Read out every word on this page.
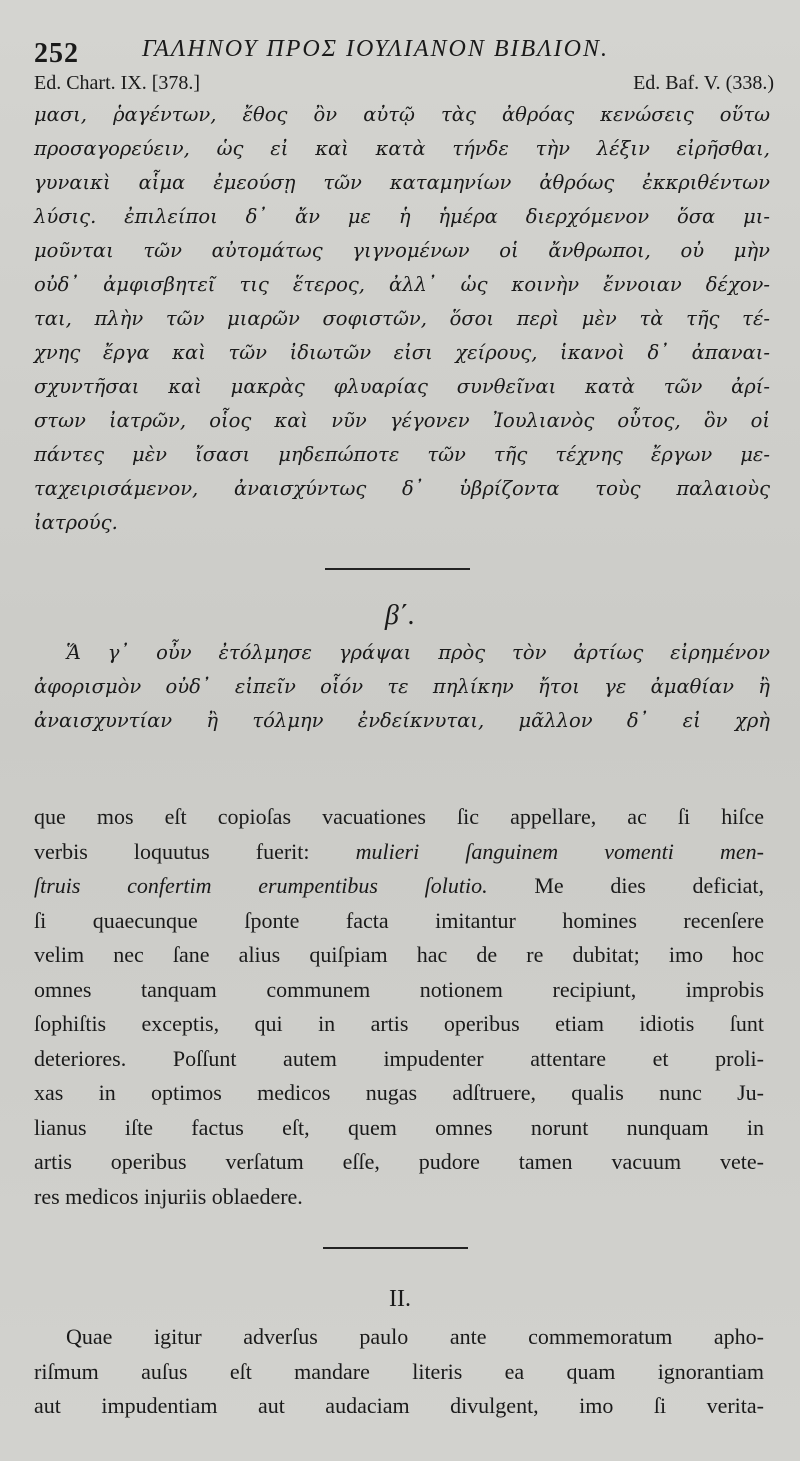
252	ΓΑΛΗΝΟΥ ΠΡΟΣ ΙΟΥΛΙΑΝΟΝ ΒΙΒΛΙΟΝ.
Ed. Chart. IX. [378.]	Ed. Baf. V. (338.)
μασι, ῥαγέντων, ἔθος ὂν αὐτῷ τὰς ἀθρόας κενώσεις οὕτω
προσαγορεύειν, ὡς εἰ καὶ κατὰ τήνδε τὴν λέξιν εἰρῆσθαι,
γυναικὶ αἷμα ἐμεούσῃ τῶν καταμηνίων ἀθρόως ἐκκριθέντων
λύσις. ἐπιλείποι δ᾽ ἄν με ἡ ἡμέρα διερχόμενον ὅσα μι-
μοῦνται τῶν αὐτομάτως γιγνομένων οἱ ἄνθρωποι, οὐ μὴν
οὐδ᾽ ἀμφισβητεῖ τις ἕτερος, ἀλλ᾽ ὡς κοινὴν ἔννοιαν δέχον-
ται, πλὴν τῶν μιαρῶν σοφιστῶν, ὅσοι περὶ μὲν τὰ τῆς τέ-
χνης ἔργα καὶ τῶν ἰδιωτῶν εἰσι χείρους, ἱκανοὶ δ᾽ ἀπαναι-
σχυντῆσαι καὶ μακρὰς φλυαρίας συνθεῖναι κατὰ τῶν ἀρί-
στων ἰατρῶν, οἷος καὶ νῦν γέγονεν Ἰουλιανὸς οὗτος, ὃν οἱ
πάντες μὲν ἴσασι μηδεπώποτε τῶν τῆς τέχνης ἔργων με-
ταχειρισάμενον, ἀναισχύντως δ᾽ ὑβρίζοντα τοὺς παλαιοὺς
ἰατρούς.
β΄.
Ἅ γ᾽ οὖν ἐτόλμησε γράψαι πρὸς τὸν ἀρτίως εἰρημένον
ἀφορισμὸν οὐδ᾽ εἰπεῖν οἷόν τε πηλίκην ἤτοι γε ἀμαθίαν ἢ
ἀναισχυντίαν ἢ τόλμην ἐνδείκνυται, μᾶλλον δ᾽ εἰ χρὴ
que mos eſt copioſas vacuationes ſic appellare, ac ſi hiſce
verbis loquutus fuerit: mulieri ſanguinem vomenti men-
ſtruis confertim erumpentibus ſolutio. Me dies deficiat,
ſi quaecunque ſponte facta imitantur homines recenſere
velim nec ſane alius quiſpiam hac de re dubitat; imo hoc
omnes tanquam communem notionem recipiunt, improbis
ſophiſtis exceptis, qui in artis operibus etiam idiotis ſunt
deteriores. Poſſunt autem impudenter attentare et proli-
xas in optimos medicos nugas adſtruere, qualis nunc Ju-
lianus iſte factus eſt, quem omnes norunt nunquam in
artis operibus verſatum eſſe, pudore tamen vacuum vete-
res medicos injuriis oblaedere.
II.
Quae igitur adverſus paulo ante commemoratum apho-
riſmum auſus eſt mandare literis ea quam ignorantiam
aut impudentiam aut audaciam divulgent, imo ſi verita-
